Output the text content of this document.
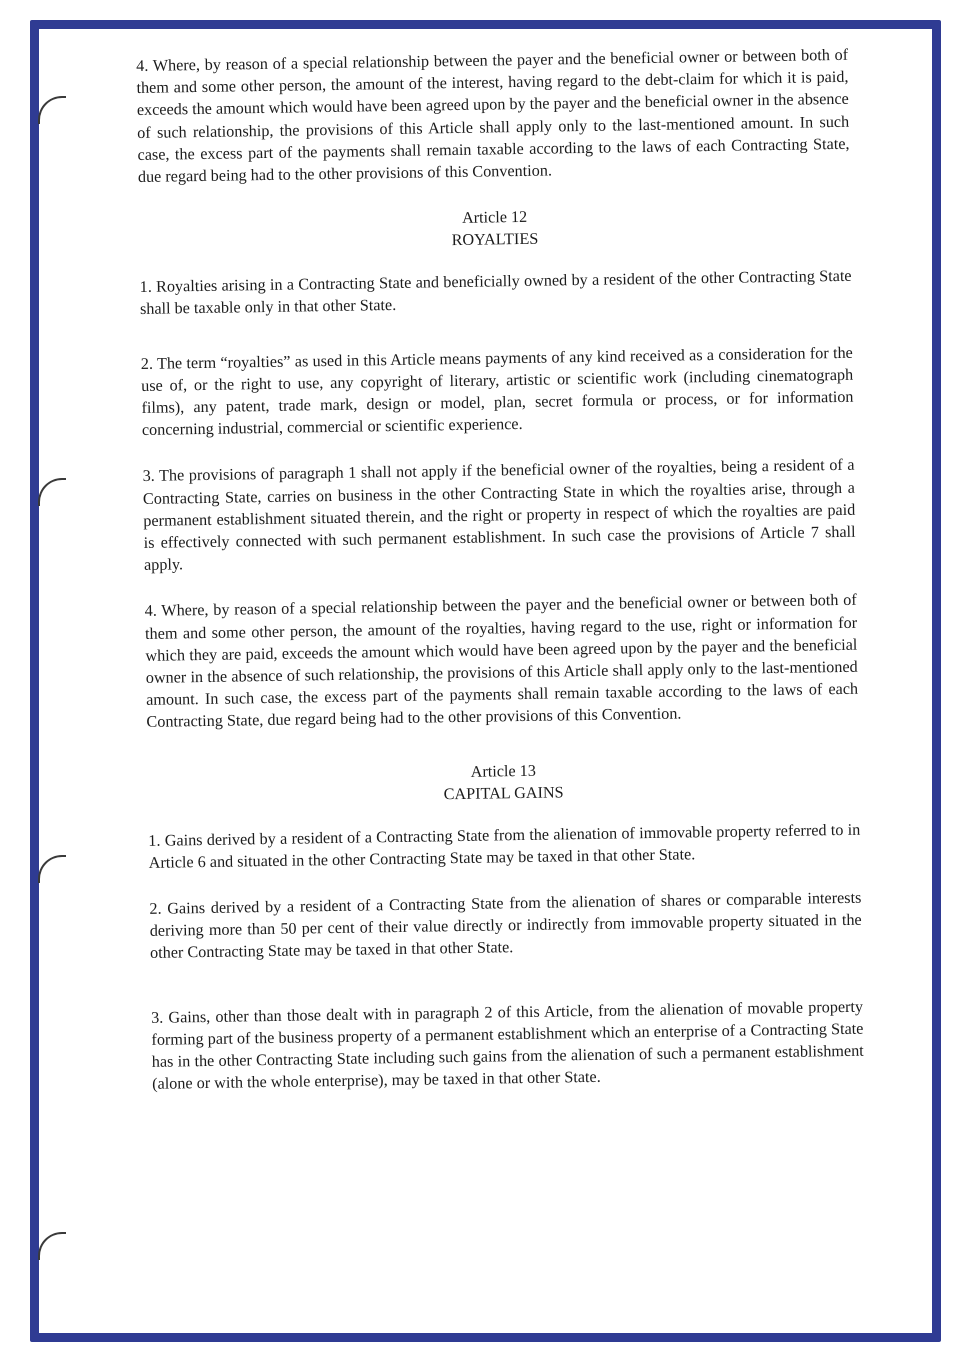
4. Where, by reason of a special relationship between the payer and the beneficial owner or between both of them and some other person, the amount of the interest, having regard to the debt-claim for which it is paid, exceeds the amount which would have been agreed upon by the payer and the beneficial owner in the absence of such relationship, the provisions of this Article shall apply only to the last-mentioned amount. In such case, the excess part of the payments shall remain taxable according to the laws of each Contracting State, due regard being had to the other provisions of this Convention.

Article 12

ROYALTIES

1. Royalties arising in a Contracting State and beneficially owned by a resident of the other Contracting State shall be taxable only in that other State.

2. The term “royalties” as used in this Article means payments of any kind received as a consideration for the use of, or the right to use, any copyright of literary, artistic or scientific work (including cinematograph films), any patent, trade mark, design or model, plan, secret formula or process, or for information concerning industrial, commercial or scientific experience.

3. The provisions of paragraph 1 shall not apply if the beneficial owner of the royalties, being a resident of a Contracting State, carries on business in the other Contracting State in which the royalties arise, through a permanent establishment situated therein, and the right or property in respect of which the royalties are paid is effectively connected with such permanent establishment. In such case the provisions of Article 7 shall apply.

4. Where, by reason of a special relationship between the payer and the beneficial owner or between both of them and some other person, the amount of the royalties, having regard to the use, right or information for which they are paid, exceeds the amount which would have been agreed upon by the payer and the beneficial owner in the absence of such relationship, the provisions of this Article shall apply only to the last-mentioned amount. In such case, the excess part of the payments shall remain taxable according to the laws of each Contracting State, due regard being had to the other provisions of this Convention.

Article 13

CAPITAL GAINS

1. Gains derived by a resident of a Contracting State from the alienation of immovable property referred to in Article 6 and situated in the other Contracting State may be taxed in that other State.

2. Gains derived by a resident of a Contracting State from the alienation of shares or comparable interests deriving more than 50 per cent of their value directly or indirectly from immovable property situated in the other Contracting State may be taxed in that other State.

3. Gains, other than those dealt with in paragraph 2 of this Article, from the alienation of movable property forming part of the business property of a permanent establishment which an enterprise of a Contracting State has in the other Contracting State including such gains from the alienation of such a permanent establishment (alone or with the whole enterprise), may be taxed in that other State.
